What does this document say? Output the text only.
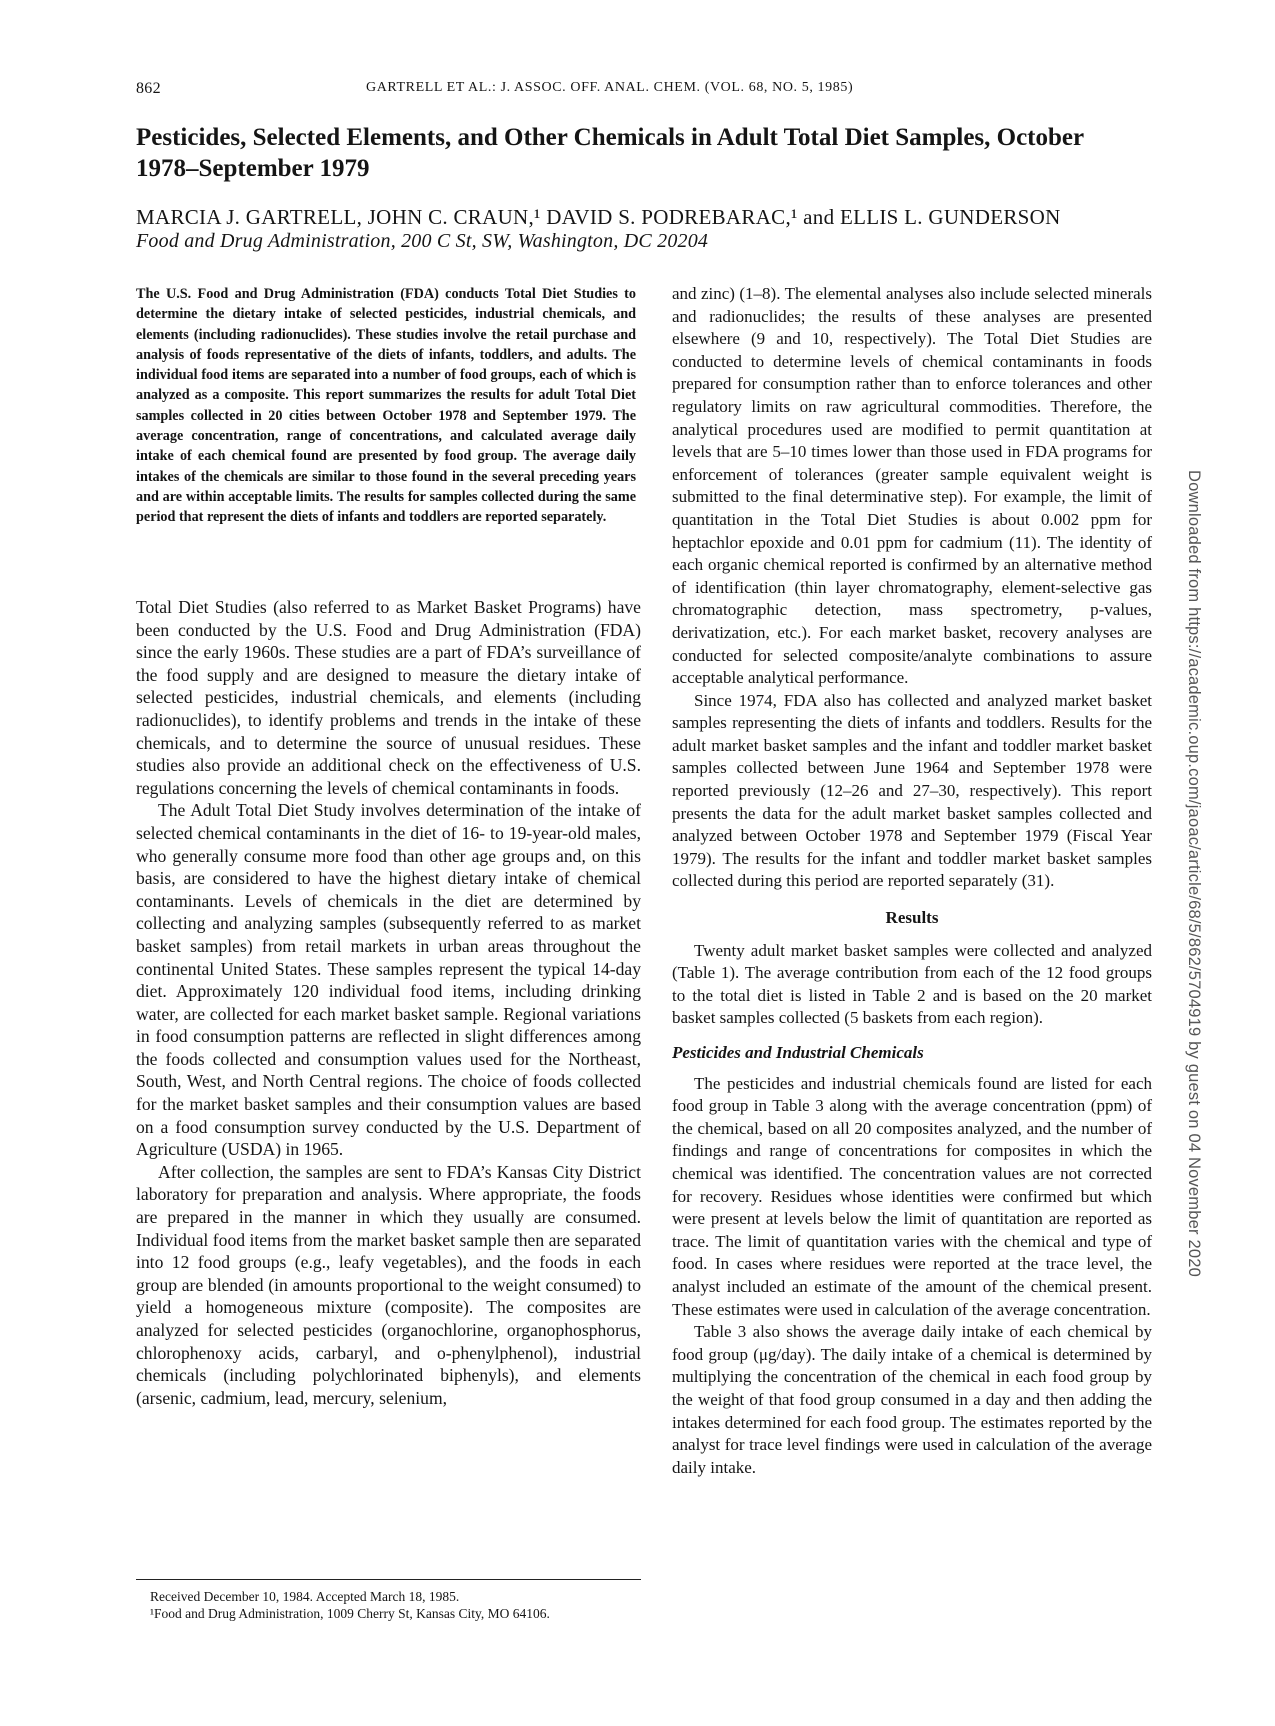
862	GARTRELL ET AL.: J. ASSOC. OFF. ANAL. CHEM. (VOL. 68, NO. 5, 1985)
Pesticides, Selected Elements, and Other Chemicals in Adult Total Diet Samples, October 1978–September 1979
MARCIA J. GARTRELL, JOHN C. CRAUN,¹ DAVID S. PODREBARAC,¹ and ELLIS L. GUNDERSON
Food and Drug Administration, 200 C St, SW, Washington, DC 20204

The U.S. Food and Drug Administration (FDA) conducts Total Diet Studies to determine the dietary intake of selected pesticides, industrial chemicals, and elements (including radionuclides). These studies involve the retail purchase and analysis of foods representative of the diets of infants, toddlers, and adults. The individual food items are separated into a number of food groups, each of which is analyzed as a composite. This report summarizes the results for adult Total Diet samples collected in 20 cities between October 1978 and September 1979. The average concentration, range of concentrations, and calculated average daily intake of each chemical found are presented by food group. The average daily intakes of the chemicals are similar to those found in the several preceding years and are within acceptable limits. The results for samples collected during the same period that represent the diets of infants and toddlers are reported separately.

Total Diet Studies (also referred to as Market Basket Programs) have been conducted by the U.S. Food and Drug Administration (FDA) since the early 1960s. These studies are a part of FDA’s surveillance of the food supply and are designed to measure the dietary intake of selected pesticides, industrial chemicals, and elements (including radionuclides), to identify problems and trends in the intake of these chemicals, and to determine the source of unusual residues. These studies also provide an additional check on the effectiveness of U.S. regulations concerning the levels of chemical contaminants in foods.

The Adult Total Diet Study involves determination of the intake of selected chemical contaminants in the diet of 16- to 19-year-old males, who generally consume more food than other age groups and, on this basis, are considered to have the highest dietary intake of chemical contaminants. Levels of chemicals in the diet are determined by collecting and analyzing samples (subsequently referred to as market basket samples) from retail markets in urban areas throughout the continental United States. These samples represent the typical 14-day diet. Approximately 120 individual food items, including drinking water, are collected for each market basket sample. Regional variations in food consumption patterns are reflected in slight differences among the foods collected and consumption values used for the Northeast, South, West, and North Central regions. The choice of foods collected for the market basket samples and their consumption values are based on a food consumption survey conducted by the U.S. Department of Agriculture (USDA) in 1965.

After collection, the samples are sent to FDA’s Kansas City District laboratory for preparation and analysis. Where appropriate, the foods are prepared in the manner in which they usually are consumed. Individual food items from the market basket sample then are separated into 12 food groups (e.g., leafy vegetables), and the foods in each group are blended (in amounts proportional to the weight consumed) to yield a homogeneous mixture (composite). The composites are analyzed for selected pesticides (organochlorine, organophosphorus, chlorophenoxy acids, carbaryl, and o-phenylphenol), industrial chemicals (including polychlorinated biphenyls), and elements (arsenic, cadmium, lead, mercury, selenium,

and zinc) (1–8). The elemental analyses also include selected minerals and radionuclides; the results of these analyses are presented elsewhere (9 and 10, respectively). The Total Diet Studies are conducted to determine levels of chemical contaminants in foods prepared for consumption rather than to enforce tolerances and other regulatory limits on raw agricultural commodities. Therefore, the analytical procedures used are modified to permit quantitation at levels that are 5–10 times lower than those used in FDA programs for enforcement of tolerances (greater sample equivalent weight is submitted to the final determinative step). For example, the limit of quantitation in the Total Diet Studies is about 0.002 ppm for heptachlor epoxide and 0.01 ppm for cadmium (11). The identity of each organic chemical reported is confirmed by an alternative method of identification (thin layer chromatography, element-selective gas chromatographic detection, mass spectrometry, p-values, derivatization, etc.). For each market basket, recovery analyses are conducted for selected composite/analyte combinations to assure acceptable analytical performance.

Since 1974, FDA also has collected and analyzed market basket samples representing the diets of infants and toddlers. Results for the adult market basket samples and the infant and toddler market basket samples collected between June 1964 and September 1978 were reported previously (12–26 and 27–30, respectively). This report presents the data for the adult market basket samples collected and analyzed between October 1978 and September 1979 (Fiscal Year 1979). The results for the infant and toddler market basket samples collected during this period are reported separately (31).

Results

Twenty adult market basket samples were collected and analyzed (Table 1). The average contribution from each of the 12 food groups to the total diet is listed in Table 2 and is based on the 20 market basket samples collected (5 baskets from each region).

Pesticides and Industrial Chemicals

The pesticides and industrial chemicals found are listed for each food group in Table 3 along with the average concentration (ppm) of the chemical, based on all 20 composites analyzed, and the number of findings and range of concentrations for composites in which the chemical was identified. The concentration values are not corrected for recovery. Residues whose identities were confirmed but which were present at levels below the limit of quantitation are reported as trace. The limit of quantitation varies with the chemical and type of food. In cases where residues were reported at the trace level, the analyst included an estimate of the amount of the chemical present. These estimates were used in calculation of the average concentration.

Table 3 also shows the average daily intake of each chemical by food group (μg/day). The daily intake of a chemical is determined by multiplying the concentration of the chemical in each food group by the weight of that food group consumed in a day and then adding the intakes determined for each food group. The estimates reported by the analyst for trace level findings were used in calculation of the average daily intake.

Received December 10, 1984. Accepted March 18, 1985.
¹Food and Drug Administration, 1009 Cherry St, Kansas City, MO 64106.
Downloaded from https://academic.oup.com/jaoac/article/68/5/862/5704919 by guest on 04 November 2020
